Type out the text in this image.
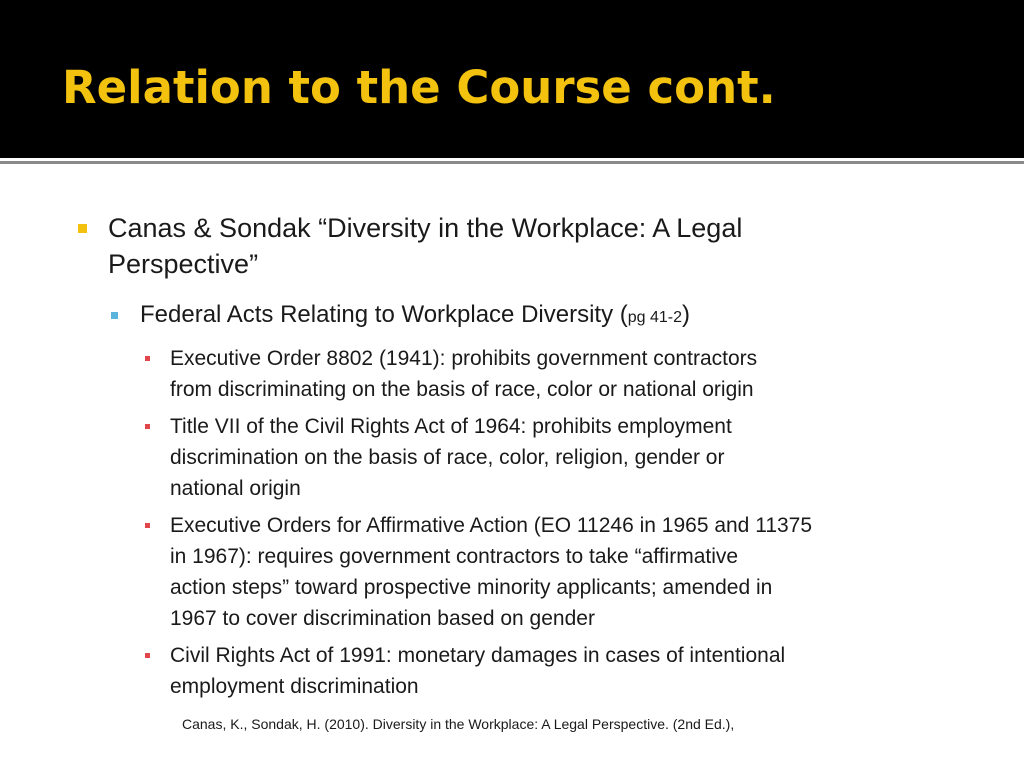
Relation to the Course cont.

Canas & Sondak “Diversity in the Workplace: A Legal
Perspective”

Federal Acts Relating to Workplace Diversity (pg 41-2)

Executive Order 8802 (1941): prohibits government contractors
from discriminating on the basis of race, color or national origin

Title VII of the Civil Rights Act of 1964: prohibits employment
discrimination on the basis of race, color, religion, gender or
national origin

Executive Orders for Affirmative Action (EO 11246 in 1965 and 11375
in 1967): requires government contractors to take “affirmative
action steps” toward prospective minority applicants; amended in
1967 to cover discrimination based on gender

Civil Rights Act of 1991: monetary damages in cases of intentional
employment discrimination

Canas, K., Sondak, H. (2010). Diversity in the Workplace: A Legal Perspective. (2nd Ed.),
